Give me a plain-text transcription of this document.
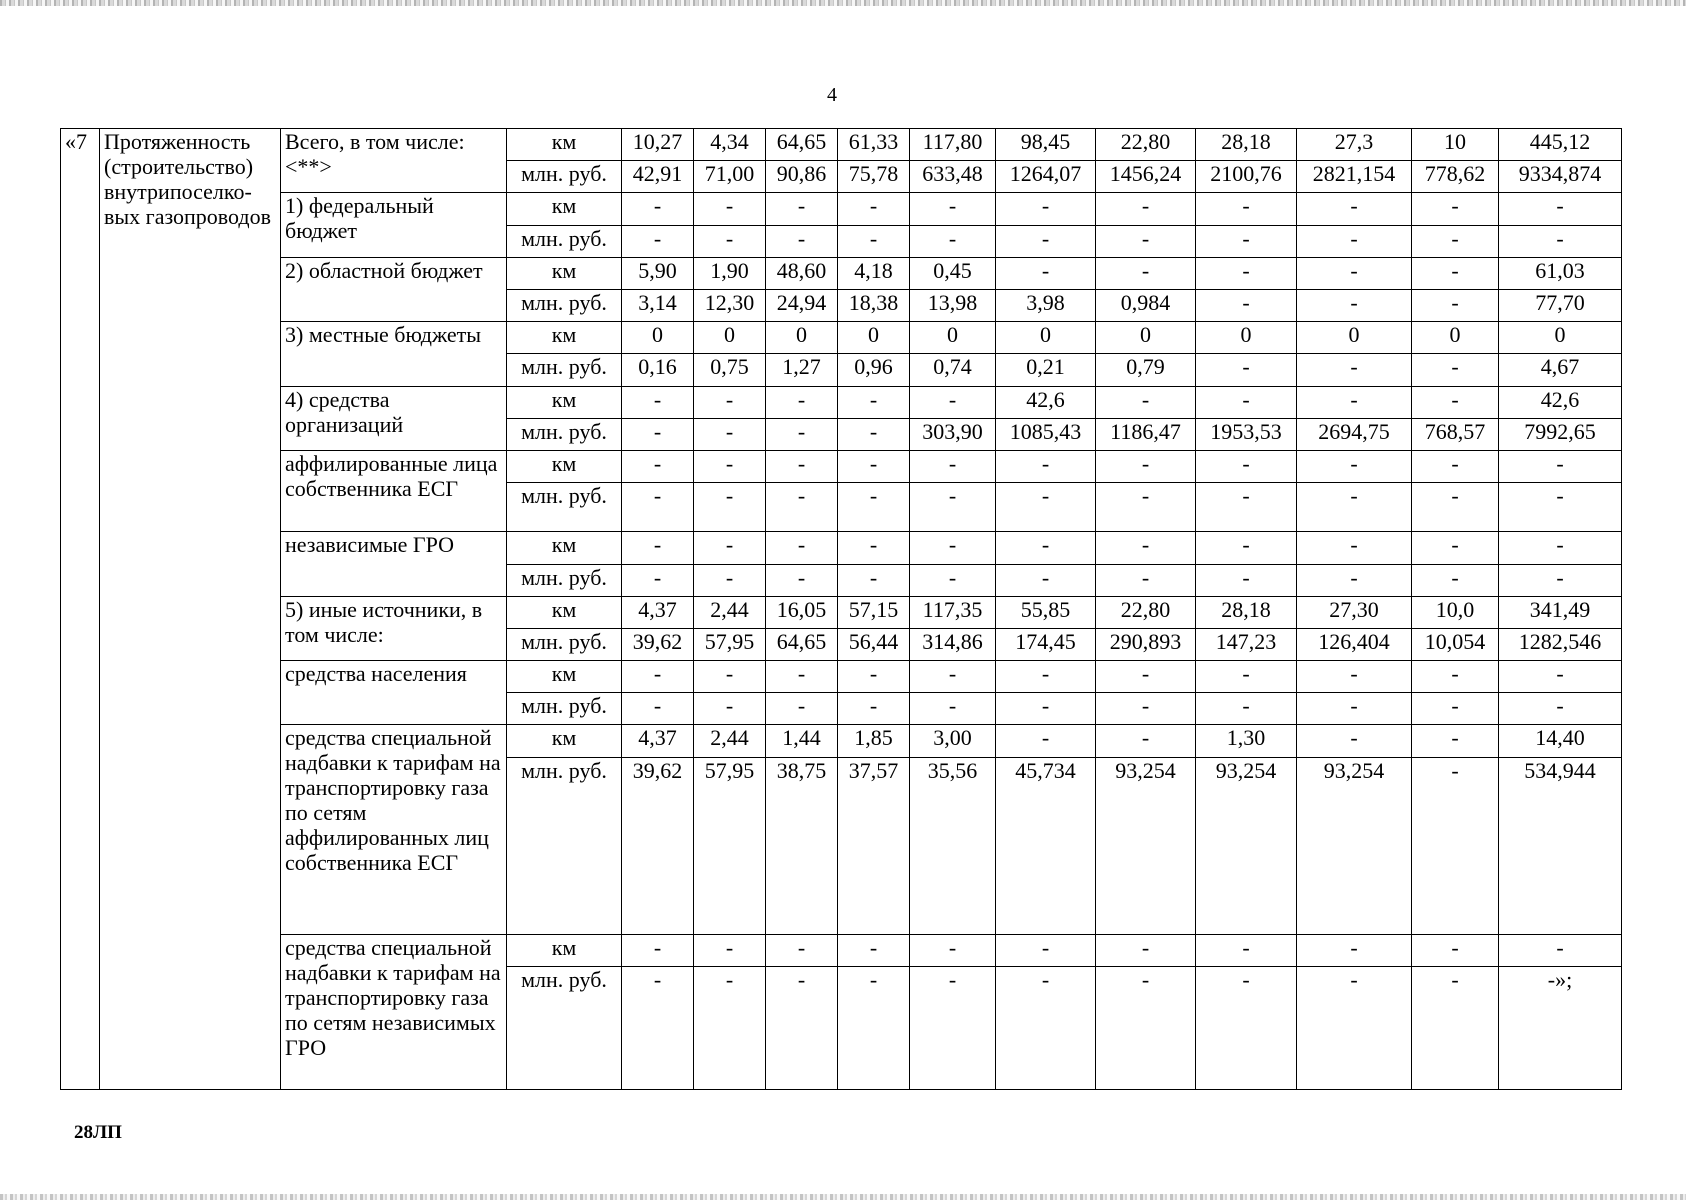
4
«7	Протяженность (строительство) внутрипоселко-вых газопроводов	Всего, в том числе: <**>	км	10,27	4,34	64,65	61,33	117,80	98,45	22,80	28,18	27,3	10	445,12
			млн. руб.	42,91	71,00	90,86	75,78	633,48	1264,07	1456,24	2100,76	2821,154	778,62	9334,874
		1) федеральный бюджет	км	-	-	-	-	-	-	-	-	-	-	-
			млн. руб.	-	-	-	-	-	-	-	-	-	-	-
		2) областной бюджет	км	5,90	1,90	48,60	4,18	0,45	-	-	-	-	-	61,03
			млн. руб.	3,14	12,30	24,94	18,38	13,98	3,98	0,984	-	-	-	77,70
		3) местные бюджеты	км	0	0	0	0	0	0	0	0	0	0	0
			млн. руб.	0,16	0,75	1,27	0,96	0,74	0,21	0,79	-	-	-	4,67
		4) средства организаций	км	-	-	-	-	-	42,6	-	-	-	-	42,6
			млн. руб.	-	-	-	-	303,90	1085,43	1186,47	1953,53	2694,75	768,57	7992,65
		аффилированные лица собственника ЕСГ	км	-	-	-	-	-	-	-	-	-	-	-
			млн. руб.	-	-	-	-	-	-	-	-	-	-	-
		независимые ГРО	км	-	-	-	-	-	-	-	-	-	-	-
			млн. руб.	-	-	-	-	-	-	-	-	-	-	-
		5) иные источники, в том числе:	км	4,37	2,44	16,05	57,15	117,35	55,85	22,80	28,18	27,30	10,0	341,49
			млн. руб.	39,62	57,95	64,65	56,44	314,86	174,45	290,893	147,23	126,404	10,054	1282,546
		средства населения	км	-	-	-	-	-	-	-	-	-	-	-
			млн. руб.	-	-	-	-	-	-	-	-	-	-	-
		средства специальной надбавки к тарифам на транспортировку газа по сетям аффилированных лиц собственника ЕСГ	км	4,37	2,44	1,44	1,85	3,00	-	-	1,30	-	-	14,40
			млн. руб.	39,62	57,95	38,75	37,57	35,56	45,734	93,254	93,254	93,254	-	534,944
		средства специальной надбавки к тарифам на транспортировку газа по сетям независимых ГРО	км	-	-	-	-	-	-	-	-	-	-	-
			млн. руб.	-	-	-	-	-	-	-	-	-	-	-»;
28ЛП
